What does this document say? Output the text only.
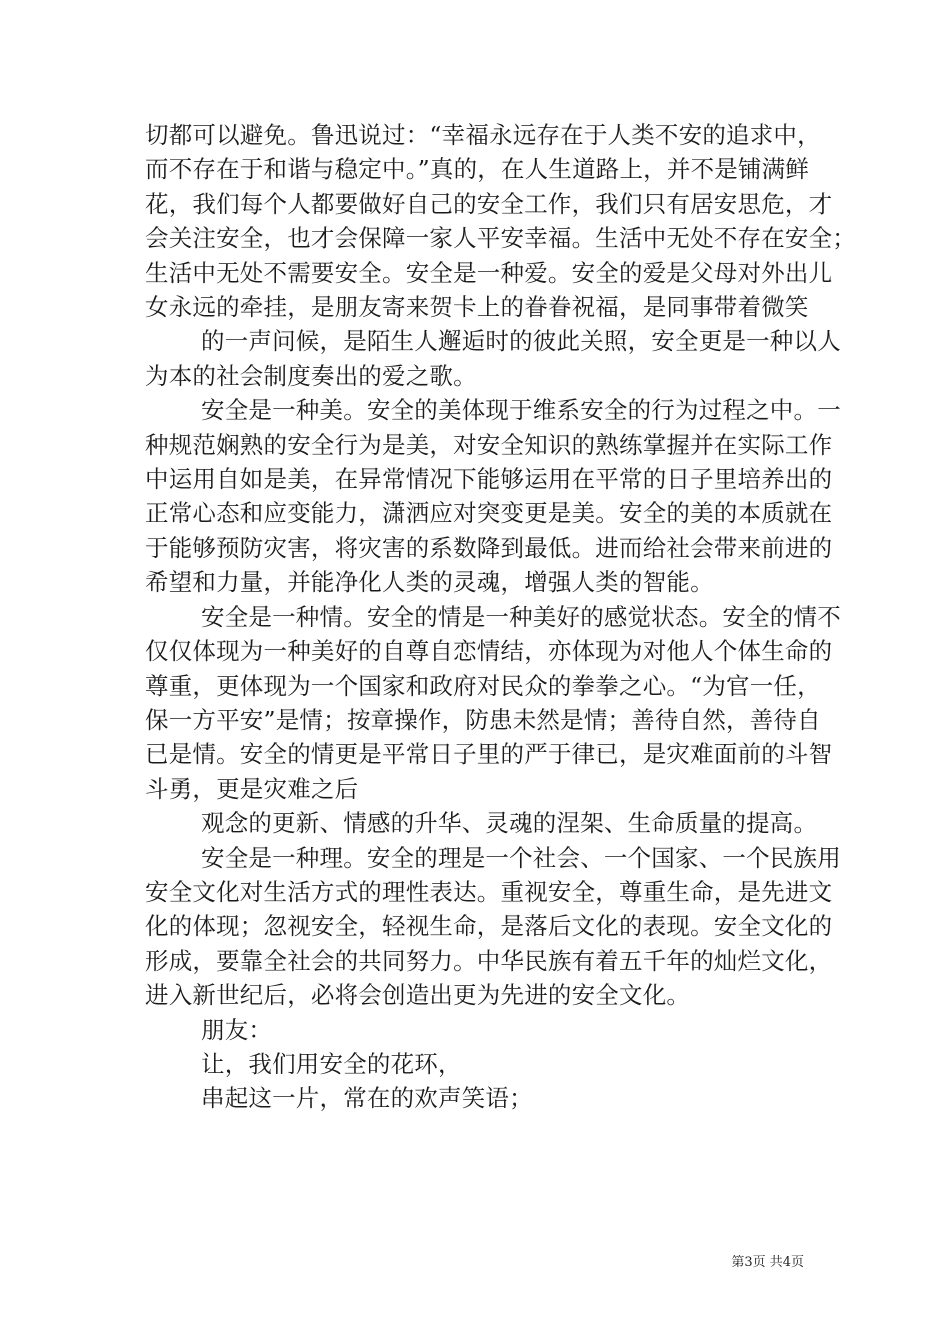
切都可以避免。鲁迅说过：“幸福永远存在于人类不安的追求中，
而不存在于和谐与稳定中。”真的，在人生道路上，并不是铺满鲜
花，我们每个人都要做好自己的安全工作，我们只有居安思危，才
会关注安全，也才会保障一家人平安幸福。生活中无处不存在安全；
生活中无处不需要安全。安全是一种爱。安全的爱是父母对外出儿
女永远的牵挂，是朋友寄来贺卡上的眷眷祝福，是同事带着微笑
的一声问候，是陌生人邂逅时的彼此关照，安全更是一种以人
为本的社会制度奏出的爱之歌。
安全是一种美。安全的美体现于维系安全的行为过程之中。一
种规范娴熟的安全行为是美，对安全知识的熟练掌握并在实际工作
中运用自如是美，在异常情况下能够运用在平常的日子里培养出的
正常心态和应变能力，潇洒应对突变更是美。安全的美的本质就在
于能够预防灾害，将灾害的系数降到最低。进而给社会带来前进的
希望和力量，并能净化人类的灵魂，增强人类的智能。
安全是一种情。安全的情是一种美好的感觉状态。安全的情不
仅仅体现为一种美好的自尊自恋情结，亦体现为对他人个体生命的
尊重，更体现为一个国家和政府对民众的拳拳之心。“为官一任，
保一方平安”是情；按章操作，防患未然是情；善待自然，善待自
已是情。安全的情更是平常日子里的严于律已，是灾难面前的斗智
斗勇，更是灾难之后
观念的更新、情感的升华、灵魂的涅架、生命质量的提高。
安全是一种理。安全的理是一个社会、一个国家、一个民族用
安全文化对生活方式的理性表达。重视安全，尊重生命，是先进文
化的体现；忽视安全，轻视生命，是落后文化的表现。安全文化的
形成，要靠全社会的共同努力。中华民族有着五千年的灿烂文化，
进入新世纪后，必将会创造出更为先进的安全文化。
朋友：
让，我们用安全的花环，
串起这一片，常在的欢声笑语；
第3页 共4页
